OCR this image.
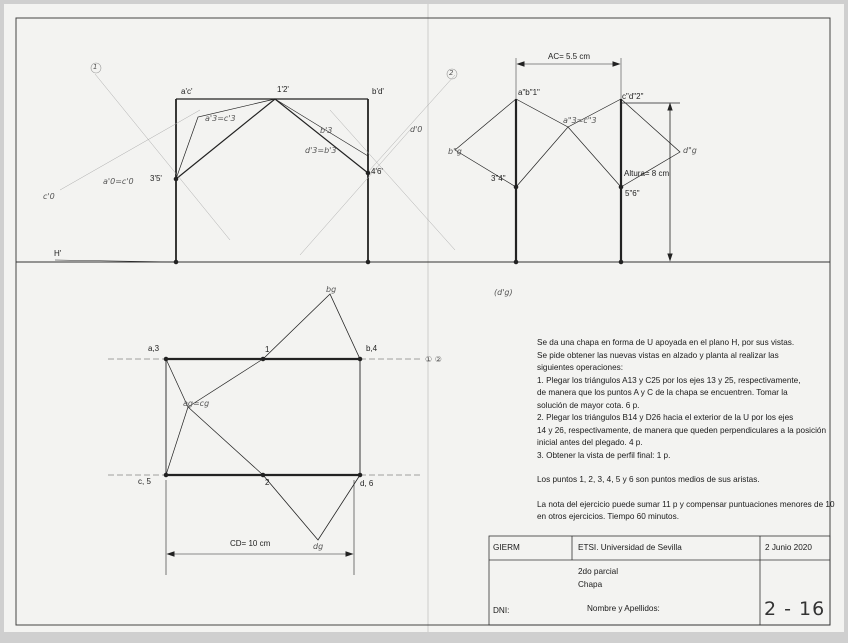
a'c'	1'2'	b'd'
3'5'
4'6'
a'3=c'3
a'0=c'0
d'3=b'3
b'3	d'0
c'0
H'
1
2
AC= 5.5 cm
a"b"1"	c"d"2"
3"4"
5"6"
Altura= 8 cm
a"3=c"3
b"g	d"g
a,3	b,4
c, 5	d, 6
1
2
bg
dg
ag=cg
CD= 10 cm
① ②
(d'g)

Se da una chapa en forma de U apoyada en el plano H, por sus vistas.

Se pide obtener las nuevas vistas en alzado y planta al realizar las

siguientes operaciones:

1. Plegar los triángulos A13 y C25 por los ejes 13 y 25, respectivamente,

de manera que los puntos A y C de la chapa se encuentren. Tomar la

solución de mayor cota. 6 p.

2. Plegar los triángulos B14 y D26 hacia el exterior de la U por los ejes

14 y 26, respectivamente, de manera que queden perpendiculares a la posición

inicial antes del plegado. 4 p.

3. Obtener la vista de perfil final: 1 p.

Los puntos 1, 2, 3, 4, 5 y 6 son puntos medios de sus aristas.

La nota del ejercicio puede sumar 11 p y compensar puntuaciones menores de 10

en otros ejercicios. Tiempo 60 minutos.

GIERM	ETSI. Universidad de Sevilla	2 Junio 2020
2do parcial
Chapa
DNI:	Nombre y Apellidos:	2 - 16
